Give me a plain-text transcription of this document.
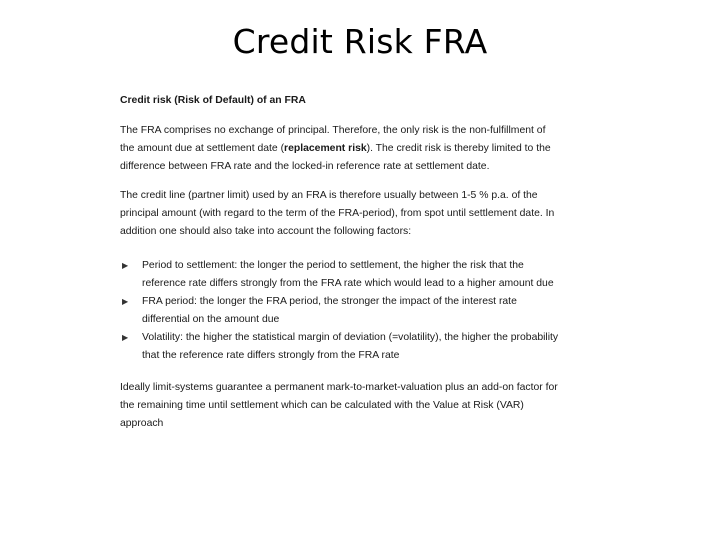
Credit Risk FRA
Credit risk (Risk of Default) of an FRA

The FRA comprises no exchange of principal. Therefore, the only risk is the non-fulfillment of the amount due at settlement date (replacement risk). The credit risk is thereby limited to the difference between FRA rate and the locked-in reference rate at settlement date.

The credit line (partner limit) used by an FRA is therefore usually between 1-5 % p.a. of the principal amount (with regard to the term of the FRA-period), from spot until settlement date. In addition one should also take into account the following factors:

▶ Period to settlement: the longer the period to settlement, the higher the risk that the reference rate differs strongly from the FRA rate which would lead to a higher amount due
▶ FRA period: the longer the FRA period, the stronger the impact of the interest rate differential on the amount due
▶ Volatility: the higher the statistical margin of deviation (=volatility), the higher the probability that the reference rate differs strongly from the FRA rate

Ideally limit-systems guarantee a permanent mark-to-market-valuation plus an add-on factor for the remaining time until settlement which can be calculated with the Value at Risk (VAR) approach
